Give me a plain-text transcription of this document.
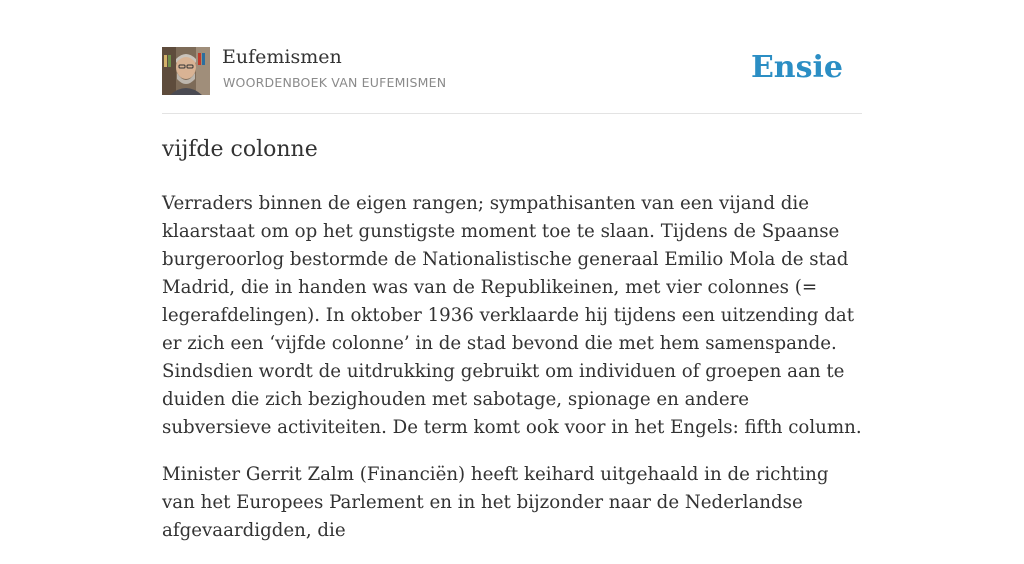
Eufemismen
WOORDENBOEK VAN EUFEMISMEN	Ensie
vijfde colonne

Verraders binnen de eigen rangen; sympathisanten van een vijand die klaarstaat om op het gunstigste moment toe te slaan. Tijdens de Spaanse burgeroorlog bestormde de Nationalistische generaal Emilio Mola de stad Madrid, die in handen was van de Republikeinen, met vier colonnes (= legerafdelingen). In oktober 1936 verklaarde hij tijdens een uitzending dat er zich een ‘vijfde colonne’ in de stad bevond die met hem samenspande. Sindsdien wordt de uitdrukking gebruikt om individuen of groepen aan te duiden die zich bezighouden met sabotage, spionage en andere subversieve activiteiten. De term komt ook voor in het Engels: fifth column.

Minister Gerrit Zalm (Financiën) heeft keihard uitgehaald in de richting van het Europees Parlement en in het bijzonder naar de Nederlandse afgevaardigden, die
